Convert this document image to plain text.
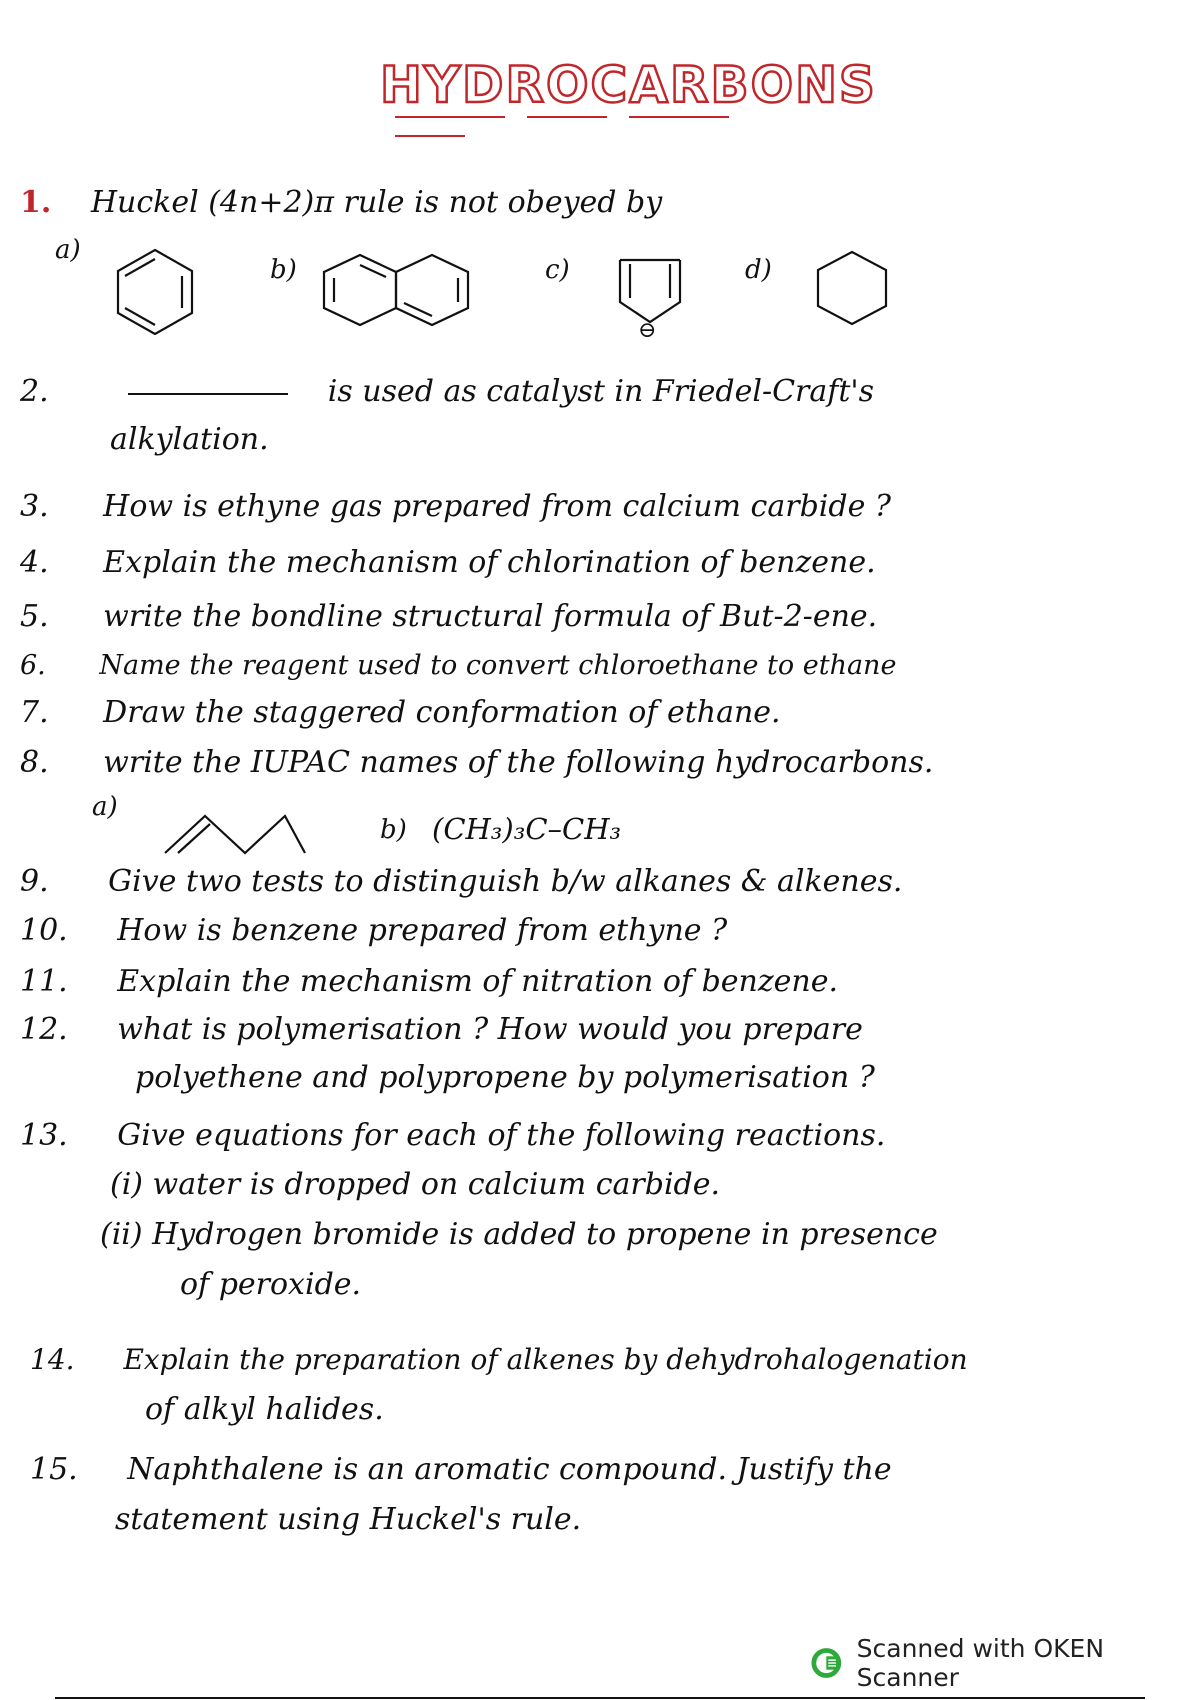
HYDROCARBONS
1. Huckel (4n+2)π rule is not obeyed by
a)
b)	c)
⊖
d)
2.	is used as catalyst in Friedel-Craft's
alkylation.
3. How is ethyne gas prepared from calcium carbide ?
4. Explain the mechanism of chlorination of benzene.
5. write the bondline structural formula of But-2-ene.
6. Name the reagent used to convert chloroethane to ethane
7. Draw the staggered conformation of ethane.
8. write the IUPAC names of the following hydrocarbons.
a)
b) (CH₃)₃C–CH₃
9. Give two tests to distinguish b/w alkanes & alkenes.
10. How is benzene prepared from ethyne ?
11. Explain the mechanism of nitration of benzene.
12. what is polymerisation ? How would you prepare
polyethene and polypropene by polymerisation ?
13. Give equations for each of the following reactions.
(i) water is dropped on calcium carbide.
(ii) Hydrogen bromide is added to propene in presence
of peroxide.
14. Explain the preparation of alkenes by dehydrohalogenation
of alkyl halides.
15. Naphthalene is an aromatic compound. Justify the
statement using Huckel's rule.
Scanned with OKEN Scanner
